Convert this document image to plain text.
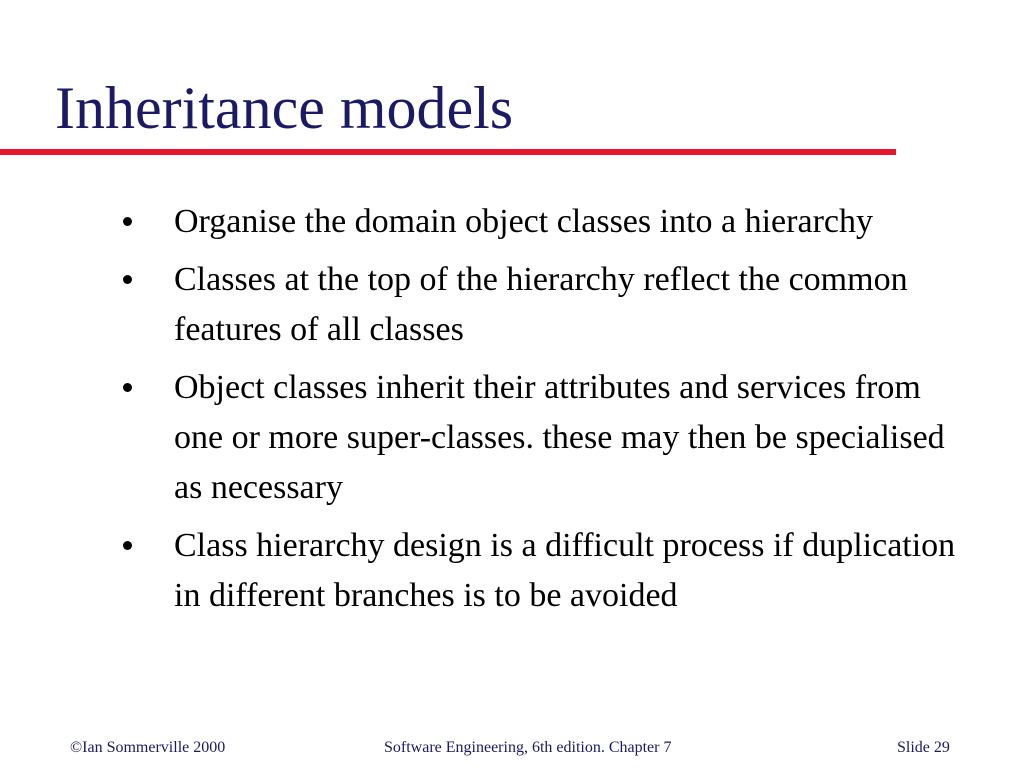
Inheritance models
Organise the domain object classes into a hierarchy
Classes at the top of the hierarchy reflect the common features of all classes
Object classes inherit their attributes and services from one or more super-classes. these may then be specialised as necessary
Class hierarchy design is a difficult process if duplication in different branches is to be avoided
©Ian Sommerville 2000	Software Engineering, 6th edition. Chapter 7	Slide 29
